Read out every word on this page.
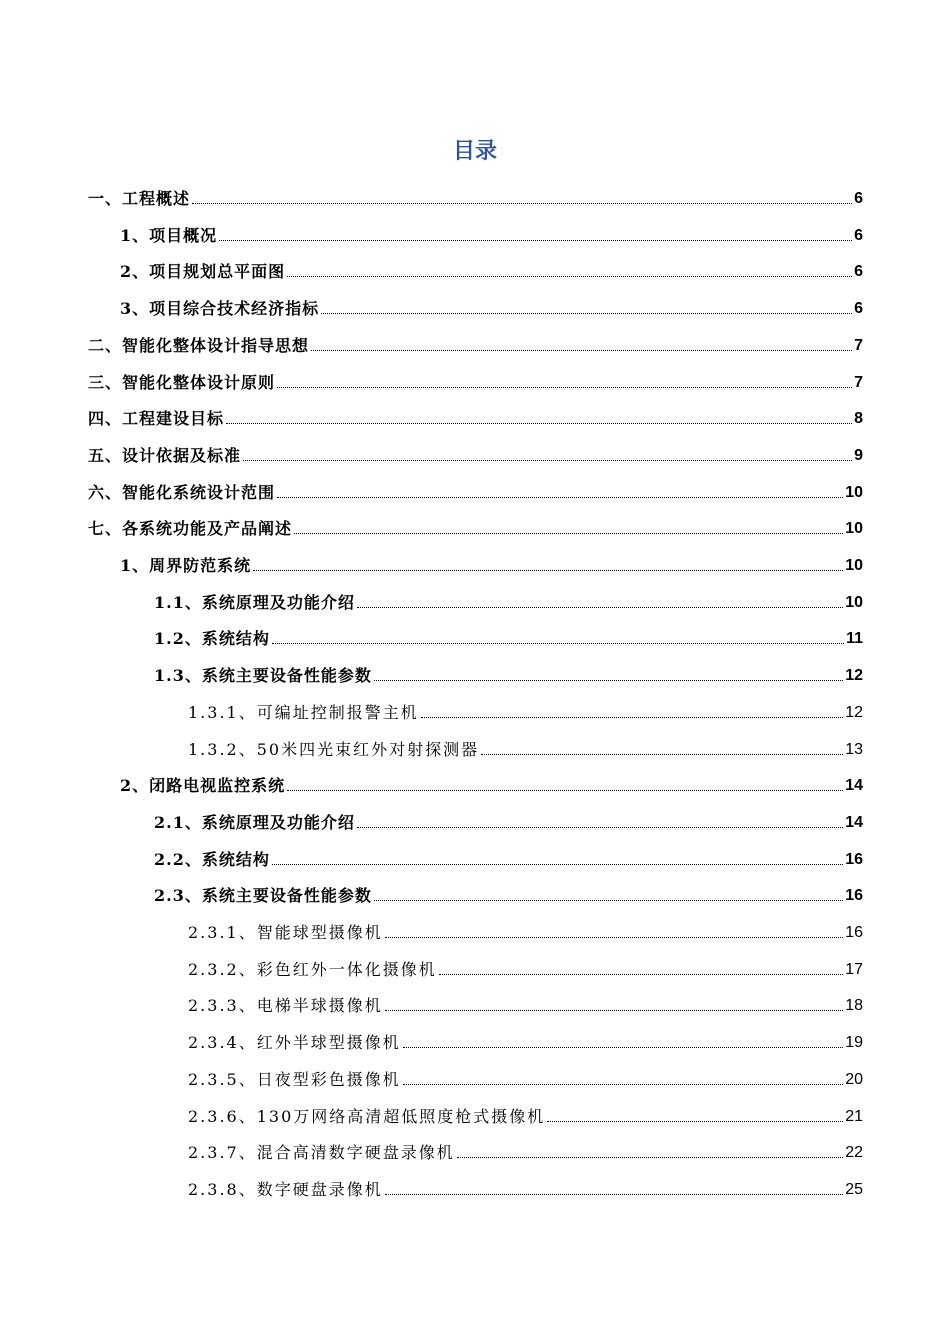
目录
一、工程概述	6
1、项目概况	6
2、项目规划总平面图	6
3、项目综合技术经济指标	6
二、智能化整体设计指导思想	7
三、智能化整体设计原则	7
四、工程建设目标	8
五、设计依据及标准	9
六、智能化系统设计范围	10
七、各系统功能及产品阐述	10
1、周界防范系统	10
1.1、系统原理及功能介绍	10
1.2、系统结构	11
1.3、系统主要设备性能参数	12
1.3.1、可编址控制报警主机	12
1.3.2、50米四光束红外对射探测器	13
2、闭路电视监控系统	14
2.1、系统原理及功能介绍	14
2.2、系统结构	16
2.3、系统主要设备性能参数	16
2.3.1、智能球型摄像机	16
2.3.2、彩色红外一体化摄像机	17
2.3.3、电梯半球摄像机	18
2.3.4、红外半球型摄像机	19
2.3.5、日夜型彩色摄像机	20
2.3.6、130万网络高清超低照度枪式摄像机	21
2.3.7、混合高清数字硬盘录像机	22
2.3.8、数字硬盘录像机	25
